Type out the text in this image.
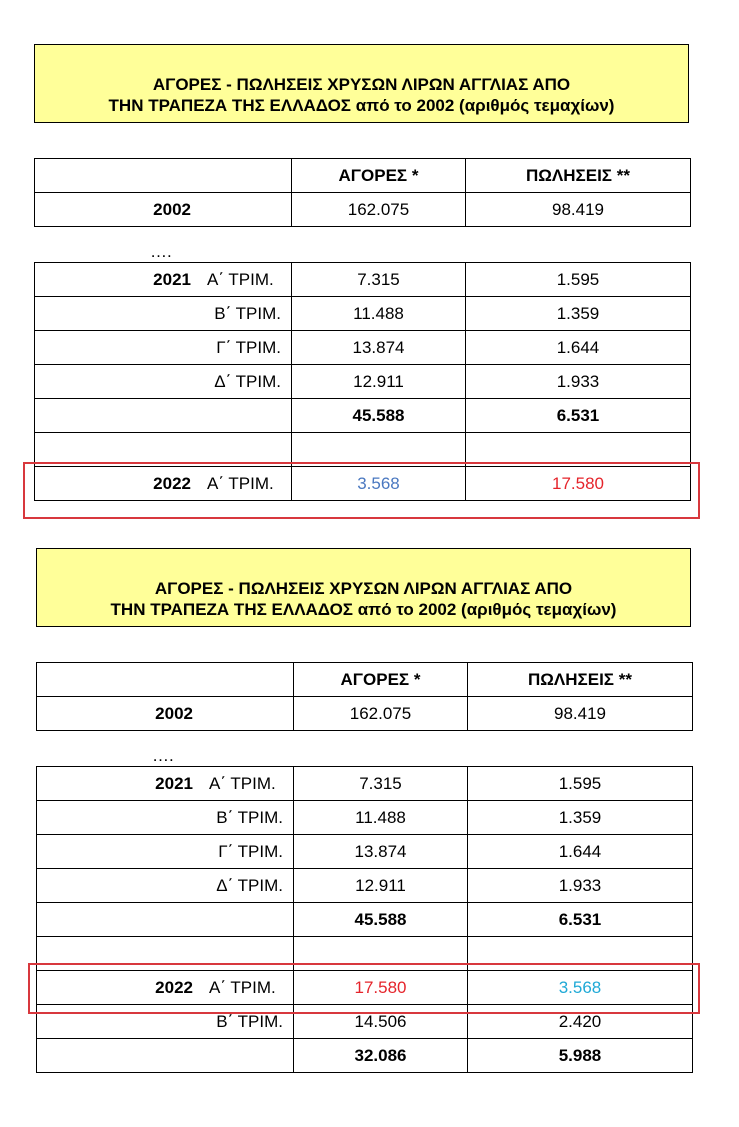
ΑΓΟΡΕΣ - ΠΩΛΗΣΕΙΣ ΧΡΥΣΩΝ ΛΙΡΩΝ ΑΓΓΛΙΑΣ ΑΠΟ
ΤΗΝ ΤΡΑΠΕΖΑ ΤΗΣ ΕΛΛΑΔΟΣ από το 2002 (αριθμός τεμαχίων)
	ΑΓΟΡΕΣ *	ΠΩΛΗΣΕΙΣ **
2002	162.075	98.419
….
2021 Α΄ ΤΡΙΜ.	7.315	1.595
Β΄ ΤΡΙΜ.	11.488	1.359
Γ΄ ΤΡΙΜ.	13.874	1.644
Δ΄ ΤΡΙΜ.	12.911	1.933
	45.588	6.531

2022 Α΄ ΤΡΙΜ.	3.568	17.580
ΑΓΟΡΕΣ - ΠΩΛΗΣΕΙΣ ΧΡΥΣΩΝ ΛΙΡΩΝ ΑΓΓΛΙΑΣ ΑΠΟ
ΤΗΝ ΤΡΑΠΕΖΑ ΤΗΣ ΕΛΛΑΔΟΣ από το 2002 (αριθμός τεμαχίων)
	ΑΓΟΡΕΣ *	ΠΩΛΗΣΕΙΣ **
2002	162.075	98.419
….
2021 Α΄ ΤΡΙΜ.	7.315	1.595
Β΄ ΤΡΙΜ.	11.488	1.359
Γ΄ ΤΡΙΜ.	13.874	1.644
Δ΄ ΤΡΙΜ.	12.911	1.933
	45.588	6.531

2022 Α΄ ΤΡΙΜ.	17.580	3.568
Β΄ ΤΡΙΜ.	14.506	2.420
	32.086	5.988
